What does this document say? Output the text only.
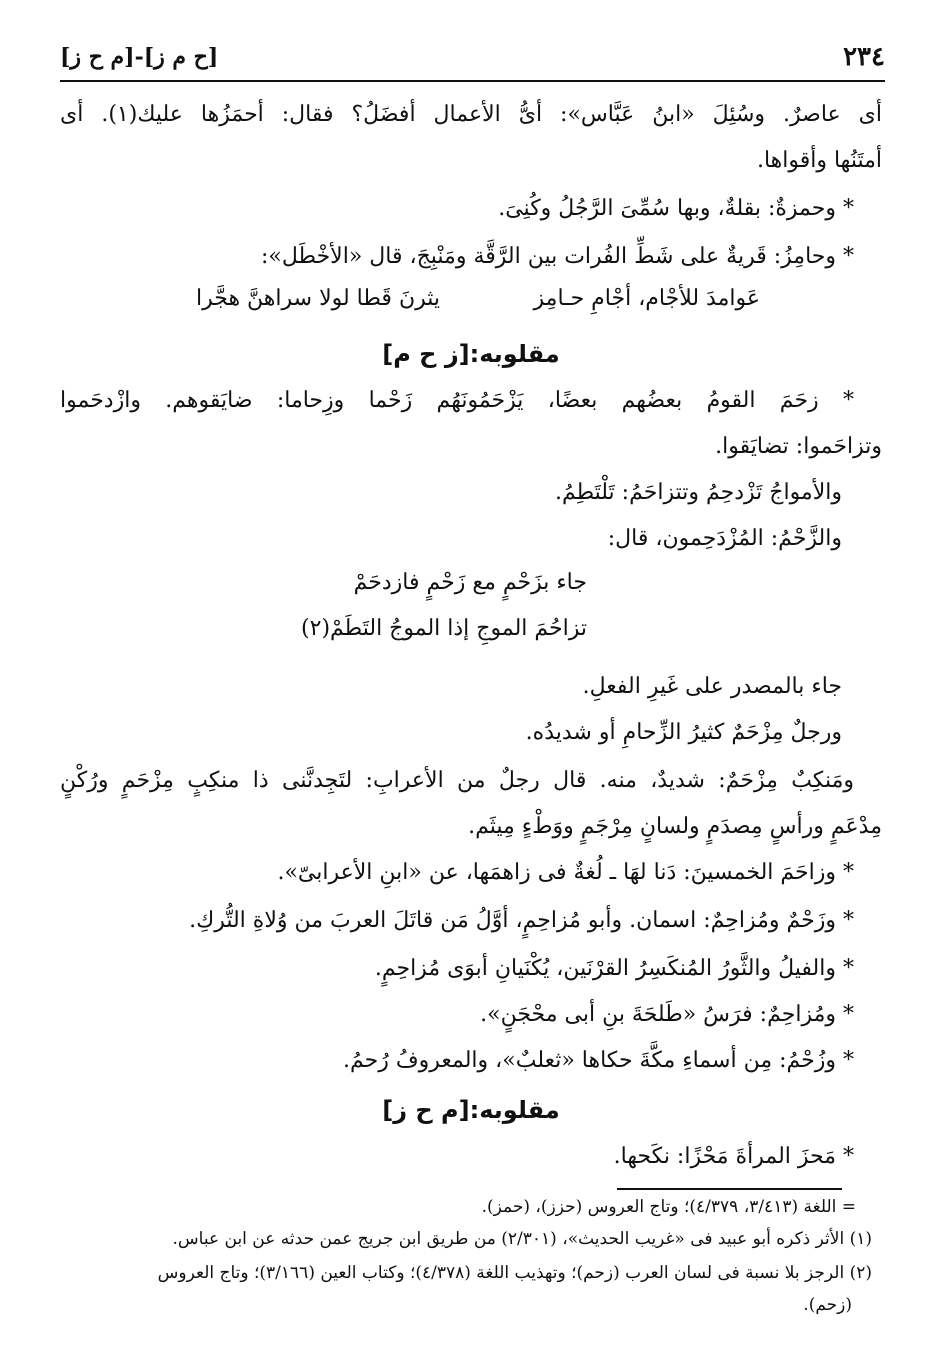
٢٣٤
[ح م ز]-[م ح ز]
أى عاصرٌ. وسُئِلَ «ابنُ عَبَّاس»: أىُّ الأعمال أفضَلُ؟ فقال: أحمَزُها عليك(١). أى
أمتَنُها وأقواها.
* وحمزةٌ: بقلةٌ، وبها سُمِّىَ الرَّجُلُ وكُنِىَ.
* وحامِزُ: قَريةٌ على شَطِّ الفُرات بين الرَّقَّة ومَنْبِجَ، قال «الأخْطَل»:
عَوامدَ للأجْام، أجْامِ حـامِز
يثرنَ قَطا لولا سراهنَّ هجَّرا
مقلوبه:[ز ح م]
* زحَمَ القومُ بعضُهم بعضًا، يَزْحَمُونَهُم زَحْما وزِحاما: ضايَقوهم. وازْدحَموا
وتزاحَموا: تضايَقوا.
والأمواجُ تَزْدحِمُ وتتزاحَمُ: تَلْتَطِمُ.
والزَّحْمُ: المُزْدَحِمون، قال:
جاء بزَحْمٍ مع زَحْمٍ فازدحَمْ
تزاحُمَ الموجِ إذا الموجُ التَطَمْ(٢)
جاء بالمصدر على غَيرِ الفعلِ.
ورجلٌ مِزْحَمٌ كثيرُ الزِّحامِ أو شديدُه.
ومَنكِبٌ مِزْحَمٌ: شديدٌ، منه. قال رجلٌ من الأعرابِ: لتَجِدنَّنى ذا منكِبٍ مِزْحَمٍ ورُكْنٍ
مِدْعَمٍ ورأسٍ مِصدَمٍ ولسانٍ مِرْجَمٍ ووَطْءٍ مِيثَم.
* وزاحَمَ الخمسينَ: دَنا لهَا ـ لُغةٌ فى زاهمَها، عن «ابنِ الأعرابىّ».
* وزَحْمٌ ومُزاحِمٌ: اسمان. وأبو مُزاحِمٍ، أوَّلُ مَن قاتَلَ العربَ من وُلاةِ التُّركِ.
* والفيلُ والثَّورُ المُنكَسِرُ القرْنَين، يُكْنَيانِ أبوَى مُزاحِمٍ.
* ومُزاحِمٌ: فرَسُ «طَلحَةَ بنِ أبى محْجَنٍ».
* وزُحْمُ: مِن أسماءِ مكَّةَ حكاها «ثعلبٌ»، والمعروفُ رُحمُ.
مقلوبه:[م ح ز]
* مَحزَ المرأةَ مَحْزًا: نكَحها.
= اللغة (٣/٤١٣، ٤/٣٧٩)؛ وتاج العروس (حزز)، (حمز).
(١) الأثر ذكره أبو عبيد فى «غريب الحديث»، (٢/٣٠١) من طريق ابن جريج عمن حدثه عن ابن عباس.
(٢) الرجز بلا نسبة فى لسان العرب (زحم)؛ وتهذيب اللغة (٤/٣٧٨)؛ وكتاب العين (٣/١٦٦)؛ وتاج العروس
(زحم).
